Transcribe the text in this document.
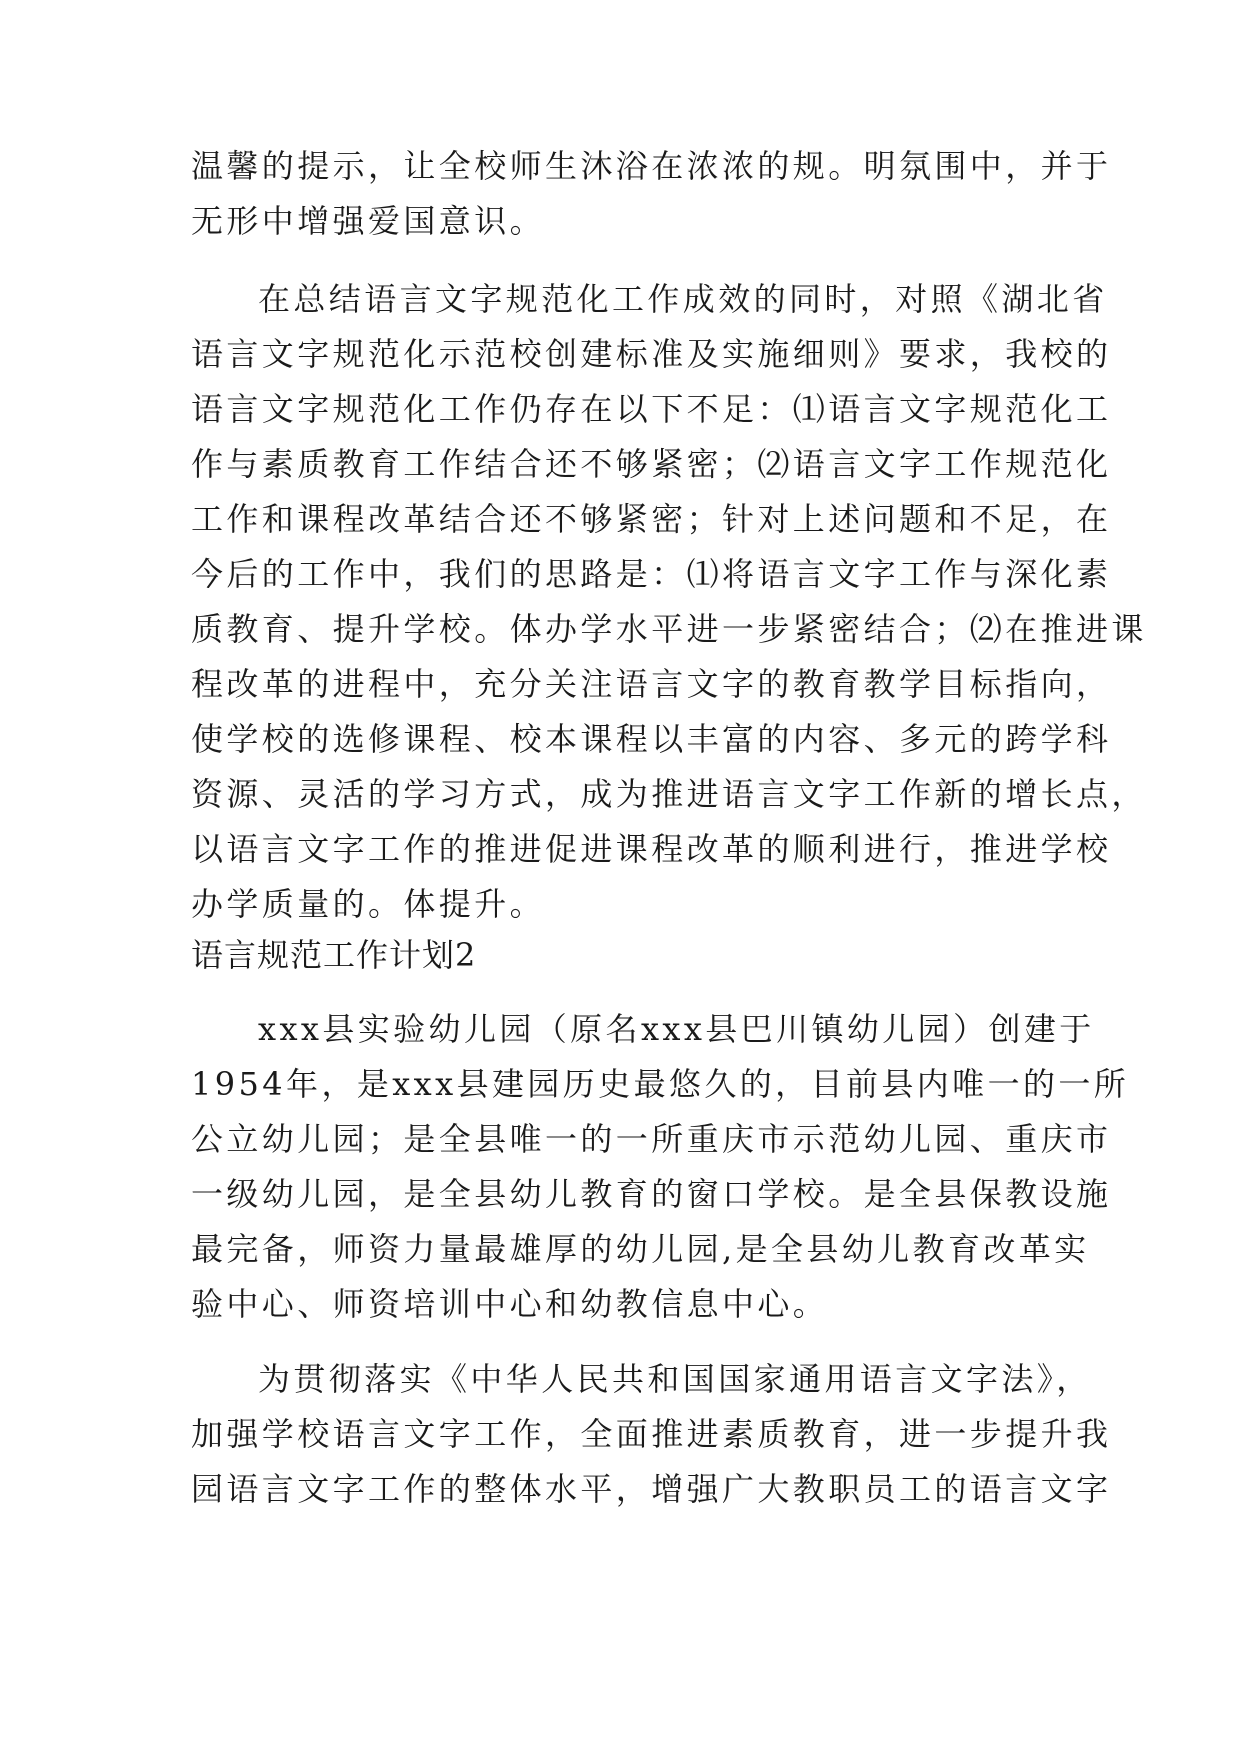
温馨的提示，让全校师生沐浴在浓浓的规。明氛围中，并于

无形中增强爱国意识。

在总结语言文字规范化工作成效的同时，对照《湖北省

语言文字规范化示范校创建标准及实施细则》要求，我校的

语言文字规范化工作仍存在以下不足：⑴语言文字规范化工

作与素质教育工作结合还不够紧密；⑵语言文字工作规范化

工作和课程改革结合还不够紧密；针对上述问题和不足，在

今后的工作中，我们的思路是：⑴将语言文字工作与深化素

质教育、提升学校。体办学水平进一步紧密结合；⑵在推进课

程改革的进程中，充分关注语言文字的教育教学目标指向，

使学校的选修课程、校本课程以丰富的内容、多元的跨学科

资源、灵活的学习方式，成为推进语言文字工作新的增长点，

以语言文字工作的推进促进课程改革的顺利进行，推进学校

办学质量的。体提升。

语言规范工作计划2

xxx县实验幼儿园（原名xxx县巴川镇幼儿园）创建于

1954年，是xxx县建园历史最悠久的，目前县内唯一的一所

公立幼儿园；是全县唯一的一所重庆市示范幼儿园、重庆市

一级幼儿园，是全县幼儿教育的窗口学校。是全县保教设施

最完备，师资力量最雄厚的幼儿园,是全县幼儿教育改革实

验中心、师资培训中心和幼教信息中心。

为贯彻落实《中华人民共和国国家通用语言文字法》，

加强学校语言文字工作，全面推进素质教育，进一步提升我

园语言文字工作的整体水平，增强广大教职员工的语言文字
